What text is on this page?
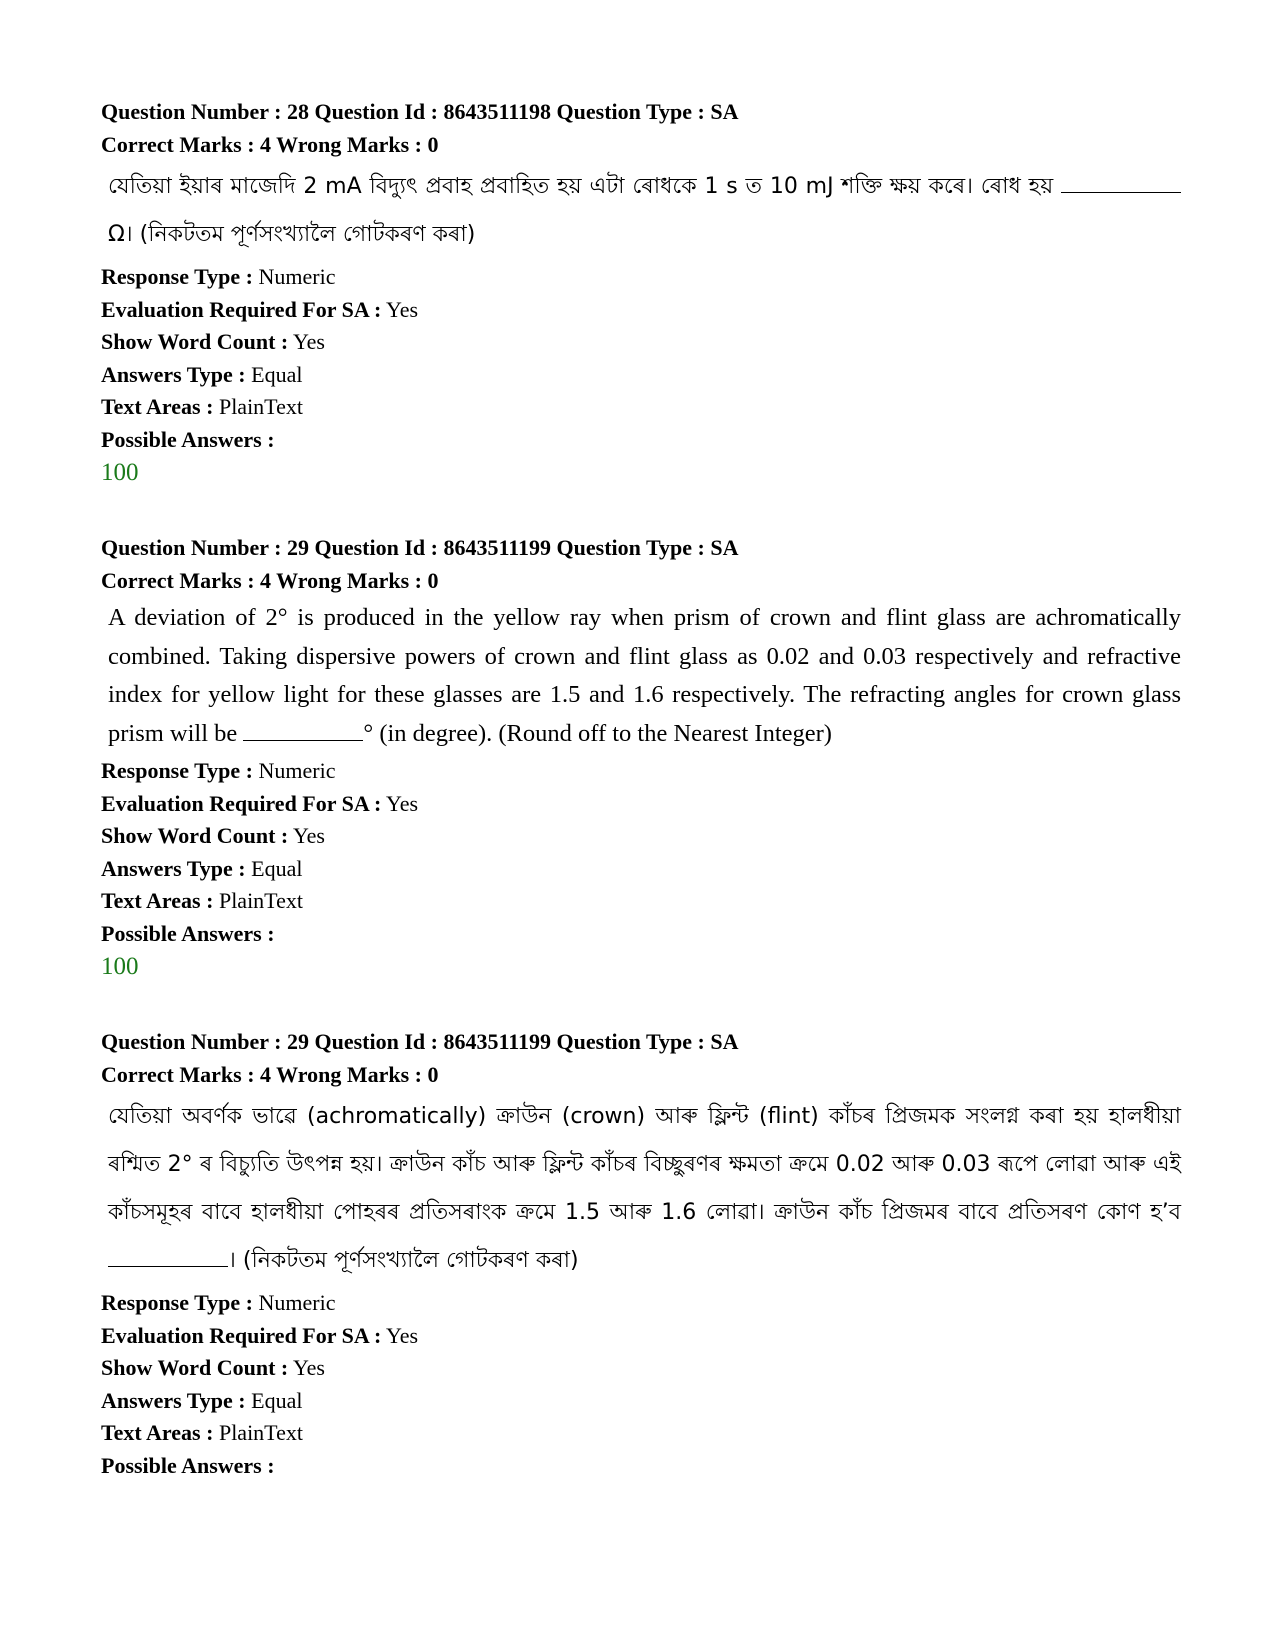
Question Number : 28 Question Id : 8643511198 Question Type : SA
Correct Marks : 4 Wrong Marks : 0
যেতিয়া ইয়াৰ মাজেদি 2 mA বিদ্যুৎ প্ৰবাহ প্ৰবাহিত হয় এটা ৰোধকে 1 s ত 10 mJ শক্তি ক্ষয় কৰে। ৰোধ হয় Ω। (নিকটতম পূৰ্ণসংখ্যালৈ গোটকৰণ কৰা)
Response Type : Numeric
Evaluation Required For SA : Yes
Show Word Count : Yes
Answers Type : Equal
Text Areas : PlainText
Possible Answers :
100
Question Number : 29 Question Id : 8643511199 Question Type : SA
Correct Marks : 4 Wrong Marks : 0
A deviation of 2° is produced in the yellow ray when prism of crown and flint glass are achromatically combined. Taking dispersive powers of crown and flint glass as 0.02 and 0.03 respectively and refractive index for yellow light for these glasses are 1.5 and 1.6 respectively. The refracting angles for crown glass prism will be	° (in degree). (Round off to the Nearest Integer)
Response Type : Numeric
Evaluation Required For SA : Yes
Show Word Count : Yes
Answers Type : Equal
Text Areas : PlainText
Possible Answers :
100
Question Number : 29 Question Id : 8643511199 Question Type : SA
Correct Marks : 4 Wrong Marks : 0
যেতিয়া অবৰ্ণক ভাৱে (achromatically) ক্ৰাউন (crown) আৰু ফ্লিন্ট (flint) কাঁচৰ প্ৰিজমক সংলগ্ন কৰা হয় হালধীয়া ৰশ্মিত 2° ৰ বিচ্যুতি উৎপন্ন হয়। ক্ৰাউন কাঁচ আৰু ফ্লিন্ট কাঁচৰ বিচ্ছুৰণৰ ক্ষমতা ক্ৰমে 0.02 আৰু 0.03 ৰূপে লোৱা আৰু এই কাঁচসমূহৰ বাবে হালধীয়া পোহৰৰ প্ৰতিসৰাংক ক্ৰমে 1.5 আৰু 1.6 লোৱা। ক্ৰাউন কাঁচ প্ৰিজমৰ বাবে প্ৰতিসৰণ কোণ হ’ব । (নিকটতম পূৰ্ণসংখ্যালৈ গোটকৰণ কৰা)
Response Type : Numeric
Evaluation Required For SA : Yes
Show Word Count : Yes
Answers Type : Equal
Text Areas : PlainText
Possible Answers :
